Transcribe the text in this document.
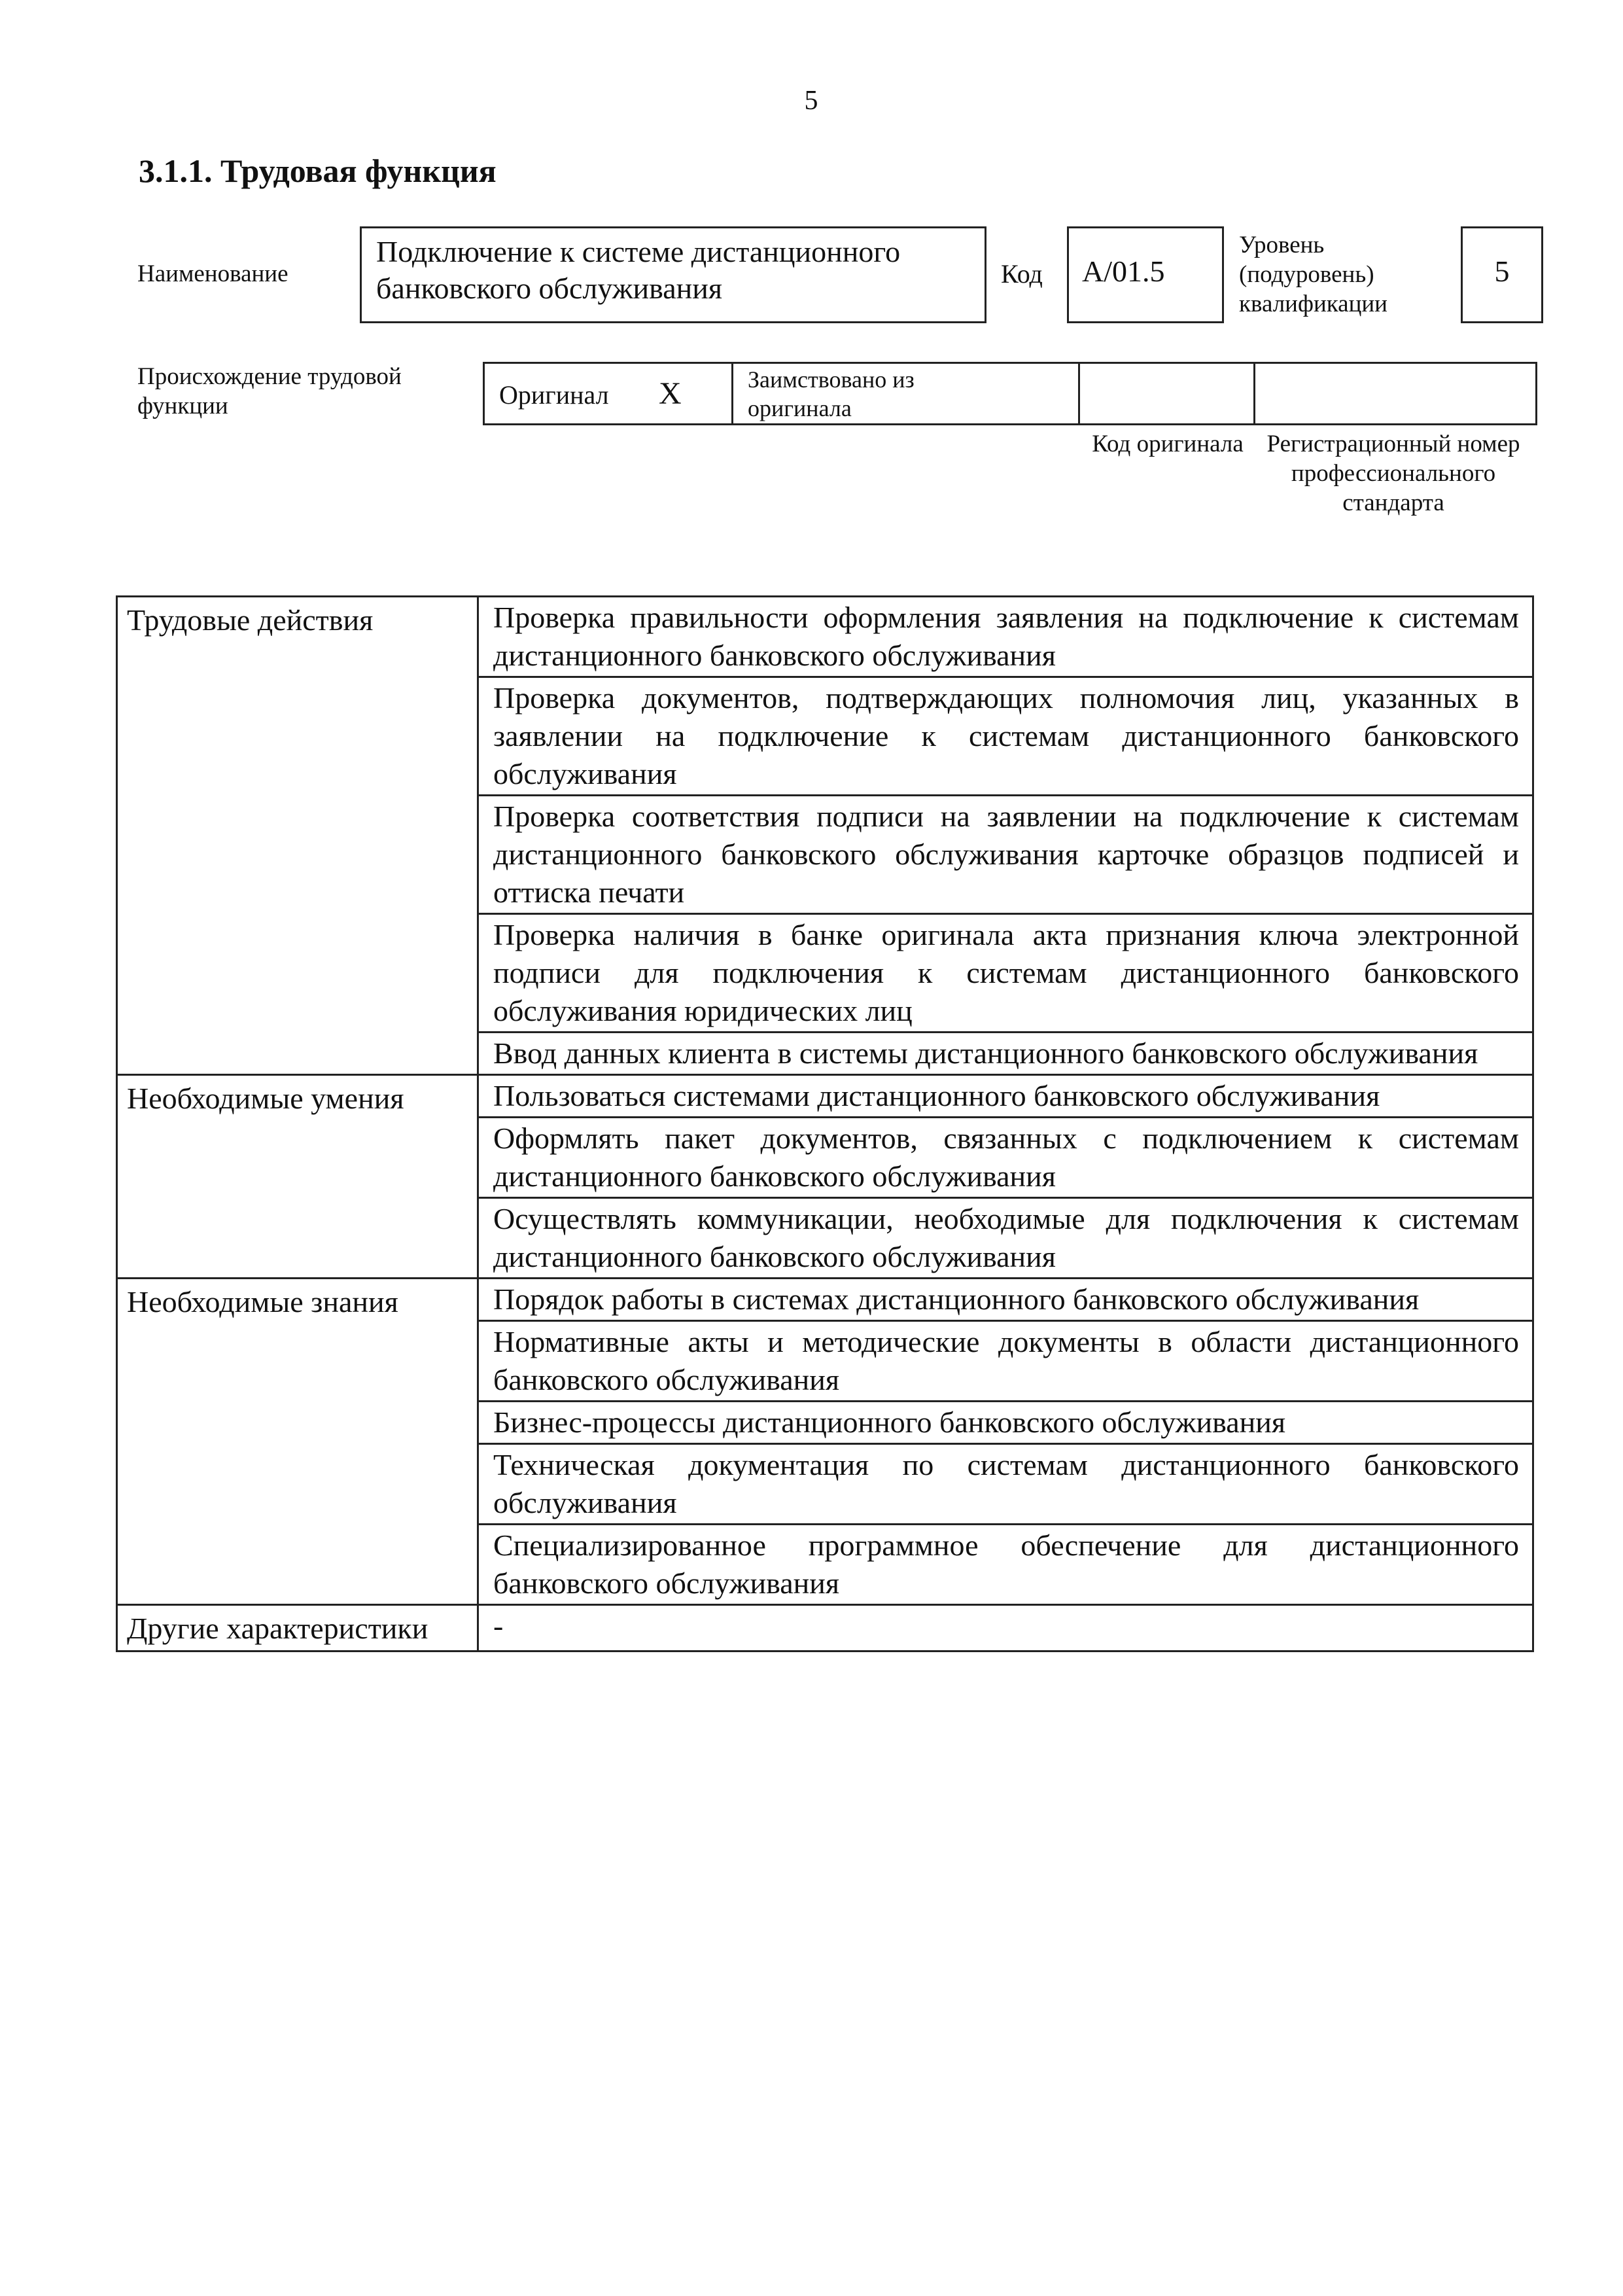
5
3.1.1. Трудовая функция
Наименование
Подключение к системе дистанционного банковского обслуживания	Код A/01.5
Уровень (подуровень) квалификации
5
Происхождение трудовой функции	Оригинал X	Заимствовано из оригинала
Код оригинала Регистрационный номер профессионального стандарта
Трудовые действия	Проверка правильности оформления заявления на подключение к системам дистанционного банковского обслуживания
	Проверка документов, подтверждающих полномочия лиц, указанных в заявлении на подключение к системам дистанционного банковского обслуживания
	Проверка соответствия подписи на заявлении на подключение к системам дистанционного банковского обслуживания карточке образцов подписей и оттиска печати
	Проверка наличия в банке оригинала акта признания ключа электронной подписи для подключения к системам дистанционного банковского обслуживания юридических лиц
	Ввод данных клиента в системы дистанционного банковского обслуживания
Необходимые умения	Пользоваться системами дистанционного банковского обслуживания
	Оформлять пакет документов, связанных с подключением к системам дистанционного банковского обслуживания
	Осуществлять коммуникации, необходимые для подключения к системам дистанционного банковского обслуживания
Необходимые знания	Порядок работы в системах дистанционного банковского обслуживания
	Нормативные акты и методические документы в области дистанционного банковского обслуживания
	Бизнес-процессы дистанционного банковского обслуживания
	Техническая документация по системам дистанционного банковского обслуживания
	Специализированное программное обеспечение для дистанционного банковского обслуживания
Другие характеристики	-
